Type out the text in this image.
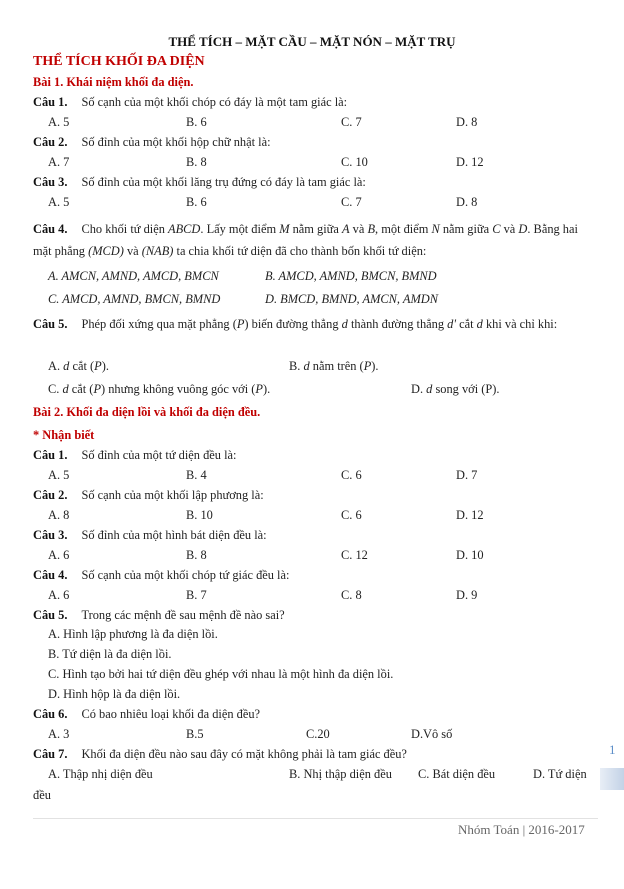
THỂ TÍCH – MẶT CẦU – MẶT NÓN – MẶT TRỤ
THỂ TÍCH KHỐI ĐA DIỆN
Bài 1. Khái niệm khối đa diện.
Câu 1. Số cạnh của một khối chóp có đáy là một tam giác là:
A. 5	B. 6	C. 7	D. 8
Câu 2. Số đỉnh của một khối hộp chữ nhật là:
A. 7	B. 8	C. 10	D. 12
Câu 3. Số đỉnh của một khối lăng trụ đứng có đáy là tam giác là:
A. 5	B. 6	C. 7	D. 8
Câu 4. Cho khối tứ diện ABCD. Lấy một điểm M nằm giữa A và B, một điểm N nằm giữa C và D. Bằng hai mặt phẳng (MCD) và (NAB) ta chia khối tứ diện đã cho thành bốn khối tứ diện:
A. AMCN, AMND, AMCD, BMCN	B. AMCD, AMND, BMCN, BMND
C. AMCD, AMND, BMCN, BMND	D. BMCD, BMND, AMCN, AMDN
Câu 5. Phép đối xứng qua mặt phẳng (P) biến đường thẳng d thành đường thẳng d' cắt d khi và chỉ khi:
A. d cắt (P).	B. d nằm trên (P).
C. d cắt (P) nhưng không vuông góc với (P).	D. d song với (P).
Bài 2. Khối đa diện lồi và khối đa diện đều.
* Nhận biết
Câu 1. Số đỉnh của một tứ diện đều là:
A. 5	B. 4	C. 6	D. 7
Câu 2. Số cạnh của một khối lập phương là:
A. 8	B. 10	C. 6	D. 12
Câu 3. Số đỉnh của một hình bát diện đều là:
A. 6	B. 8	C. 12	D. 10
Câu 4. Số cạnh của một khối chóp tứ giác đều là:
A. 6	B. 7	C. 8	D. 9
Câu 5. Trong các mệnh đề sau mệnh đề nào sai?
A. Hình lập phương là đa diện lồi.
B. Tứ diện là đa diện lồi.
C. Hình tạo bởi hai tứ diện đều ghép với nhau là một hình đa diện lồi.
D. Hình hộp là đa diện lồi.
Câu 6. Có bao nhiêu loại khối đa diện đều?
A. 3	B.5	C.20	D.Vô số
Câu 7. Khối đa diện đều nào sau đây có mặt không phải là tam giác đều?
A. Thập nhị diện đều	B. Nhị thập diện đều C. Bát diện đều	D. Tứ diện
đều
1
Nhóm Toán | 2016-2017
